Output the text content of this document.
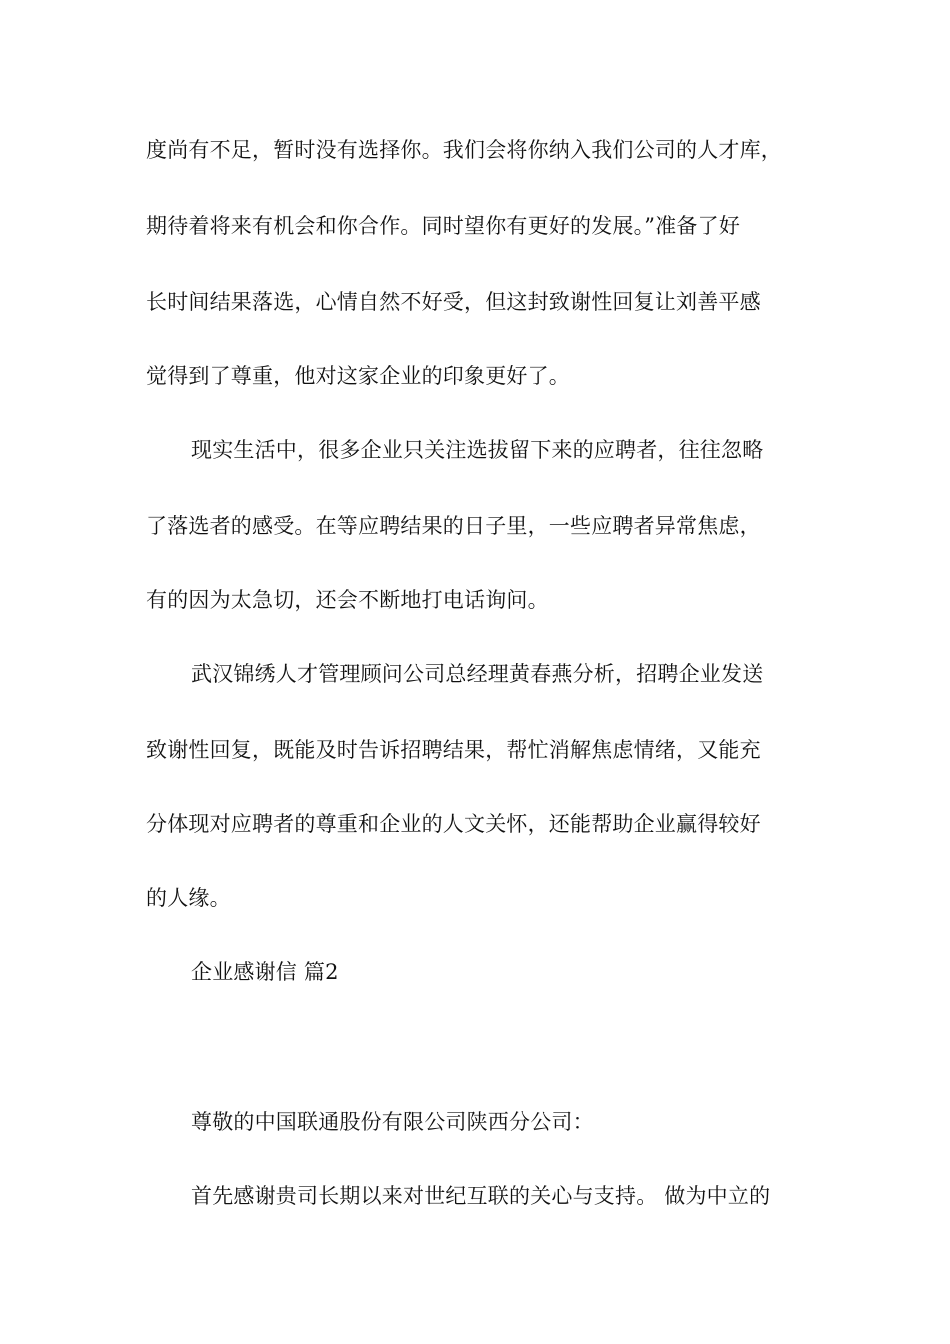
度尚有不足，暂时没有选择你。我们会将你纳入我们公司的人才库，
期待着将来有机会和你合作。同时望你有更好的发展。”准备了好
长时间结果落选，心情自然不好受，但这封致谢性回复让刘善平感
觉得到了尊重，他对这家企业的印象更好了。
现实生活中，很多企业只关注选拔留下来的应聘者，往往忽略
了落选者的感受。在等应聘结果的日子里，一些应聘者异常焦虑，
有的因为太急切，还会不断地打电话询问。
武汉锦绣人才管理顾问公司总经理黄春燕分析，招聘企业发送
致谢性回复，既能及时告诉招聘结果，帮忙消解焦虑情绪，又能充
分体现对应聘者的尊重和企业的人文关怀，还能帮助企业赢得较好
的人缘。
企业感谢信 篇2
尊敬的中国联通股份有限公司陕西分公司：
首先感谢贵司长期以来对世纪互联的关心与支持。 做为中立的
